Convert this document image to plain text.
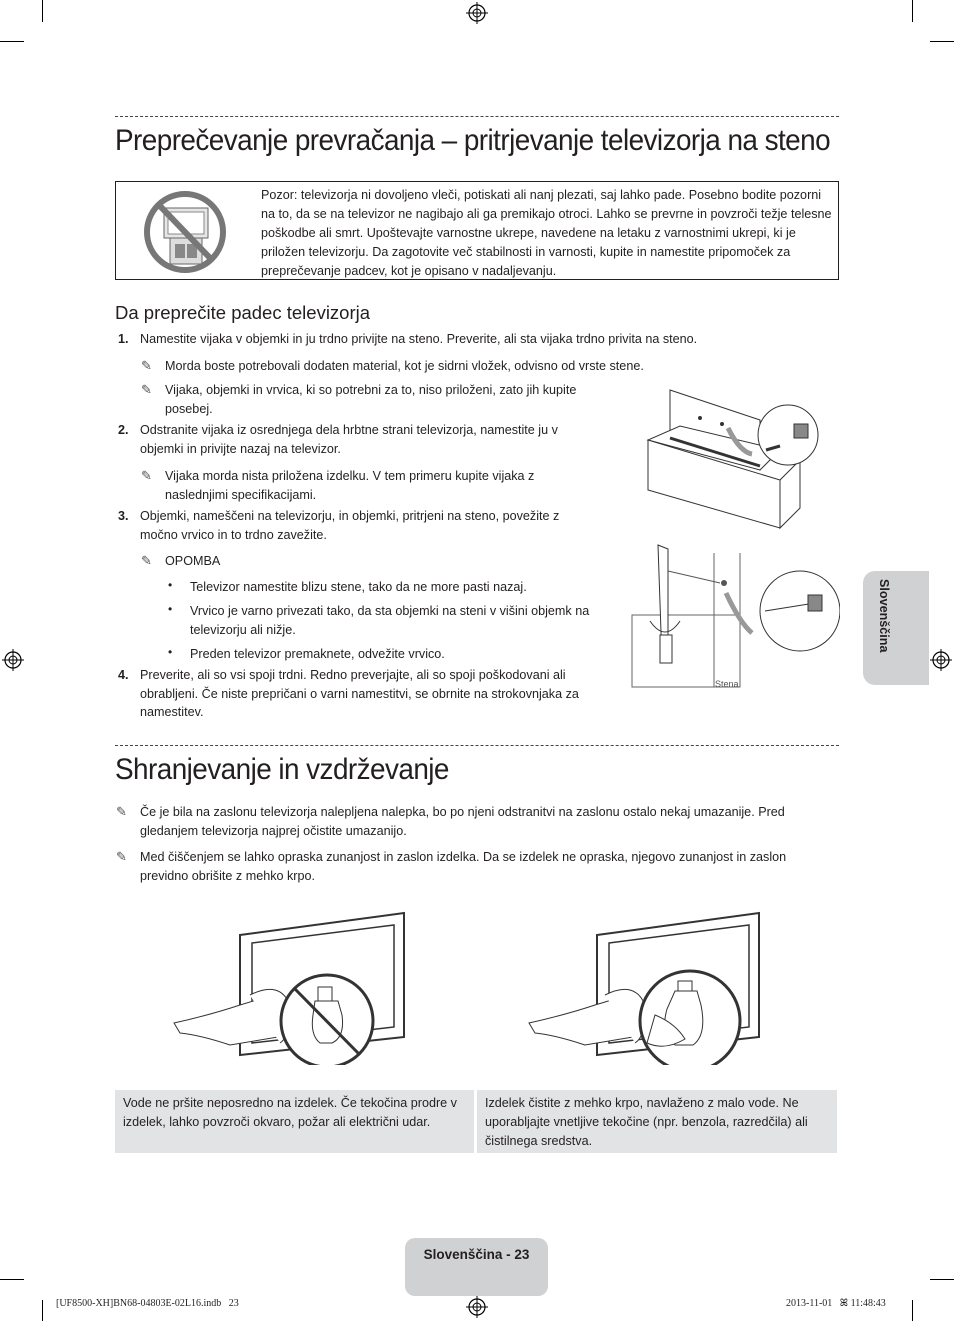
Preprečevanje prevračanja – pritrjevanje televizorja na steno
Pozor: televizorja ni dovoljeno vleči, potiskati ali nanj plezati, saj lahko pade. Posebno bodite pozorni na to, da se na televizor ne nagibajo ali ga premikajo otroci. Lahko se prevrne in povzroči težje telesne poškodbe ali smrt. Upoštevajte varnostne ukrepe, navedene na letaku z varnostnimi ukrepi, ki je priložen televizorju. Da zagotovite več stabilnosti in varnosti, kupite in namestite pripomoček za preprečevanje padcev, kot je opisano v nadaljevanju.
Da preprečite padec televizorja
1. Namestite vijaka v objemki in ju trdno privijte na steno. Preverite, ali sta vijaka trdno privita na steno.
✎ Morda boste potrebovali dodaten material, kot je sidrni vložek, odvisno od vrste stene.
✎ Vijaka, objemki in vrvica, ki so potrebni za to, niso priloženi, zato jih kupite posebej.
2. Odstranite vijaka iz osrednjega dela hrbtne strani televizorja, namestite ju v objemki in privijte nazaj na televizor.
✎ Vijaka morda nista priložena izdelku. V tem primeru kupite vijaka z naslednjimi specifikacijami.
3. Objemki, nameščeni na televizorju, in objemki, pritrjeni na steno, povežite z močno vrvico in to trdno zavežite.
✎ OPOMBA
• Televizor namestite blizu stene, tako da ne more pasti nazaj.
• Vrvico je varno privezati tako, da sta objemki na steni v višini objemk na televizorju ali nižje.
• Preden televizor premaknete, odvežite vrvico.
4. Preverite, ali so vsi spoji trdni. Redno preverjajte, ali so spoji poškodovani ali obrabljeni. Če niste prepričani o varni namestitvi, se obrnite na strokovnjaka za namestitev.
Stena
Shranjevanje in vzdrževanje
✎ Če je bila na zaslonu televizorja nalepljena nalepka, bo po njeni odstranitvi na zaslonu ostalo nekaj umazanije. Pred gledanjem televizorja najprej očistite umazanijo.
✎ Med čiščenjem se lahko opraska zunanjost in zaslon izdelka. Da se izdelek ne opraska, njegovo zunanjost in zaslon previdno obrišite z mehko krpo.
Vode ne pršite neposredno na izdelek. Če tekočina prodre v izdelek, lahko povzroči okvaro, požar ali električni udar.
Izdelek čistite z mehko krpo, navlaženo z malo vode. Ne uporabljajte vnetljive tekočine (npr. benzola, razredčila) ali čistilnega sredstva.
Slovenščina
Slovenščina - 23
[UF8500-XH]BN68-04803E-02L16.indb   23	2013-11-01   ꕤ 11:48:43
